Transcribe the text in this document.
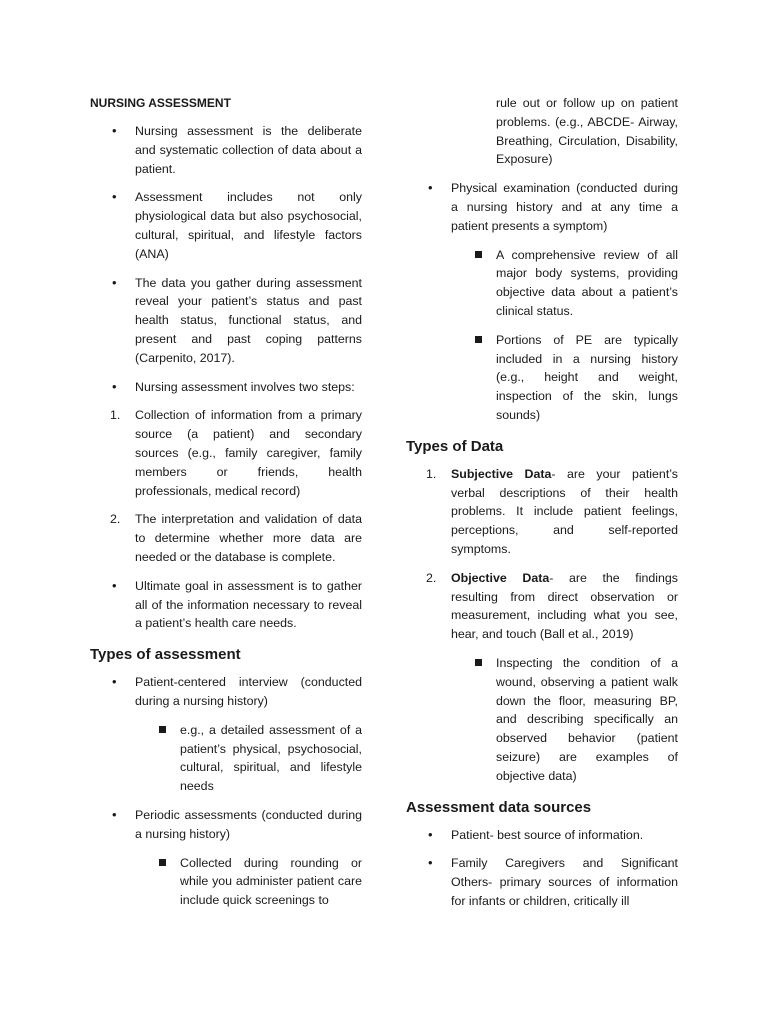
NURSING ASSESSMENT
• Nursing assessment is the deliberate and systematic collection of data about a patient.
• Assessment includes not only physiological data but also psychosocial, cultural, spiritual, and lifestyle factors (ANA)
• The data you gather during assessment reveal your patient’s status and past health status, functional status, and present and past coping patterns (Carpenito, 2017).
• Nursing assessment involves two steps:
1.	Collection of information from a primary source (a patient) and secondary sources (e.g., family caregiver, family members or friends, health professionals, medical record)
2.	The interpretation and validation of data to determine whether more data are needed or the database is complete.
• Ultimate goal in assessment is to gather all of the information necessary to reveal a patient’s health care needs.
Types of assessment
• Patient-centered interview (conducted during a nursing history)
e.g., a detailed assessment of a patient’s physical, psychosocial, cultural, spiritual, and lifestyle needs
• Periodic assessments (conducted during a nursing history)
Collected during rounding or while you administer patient care include quick screenings to
rule out or follow up on patient problems. (e.g., ABCDE- Airway, Breathing, Circulation, Disability, Exposure)
• Physical examination (conducted during a nursing history and at any time a patient presents a symptom)
A comprehensive review of all major body systems, providing objective data about a patient’s clinical status.
Portions of PE are typically included in a nursing history (e.g., height and weight, inspection of the skin, lungs sounds)
Types of Data
1.	Subjective Data- are your patient’s verbal descriptions of their health problems. It include patient feelings, perceptions, and self-reported symptoms.
2.	Objective Data- are the findings resulting from direct observation or measurement, including what you see, hear, and touch (Ball et al., 2019)
Inspecting the condition of a wound, observing a patient walk down the floor, measuring BP, and describing specifically an observed behavior (patient seizure) are examples of objective data)
Assessment data sources
• Patient- best source of information.
• Family Caregivers and Significant Others- primary sources of information for infants or children, critically ill
